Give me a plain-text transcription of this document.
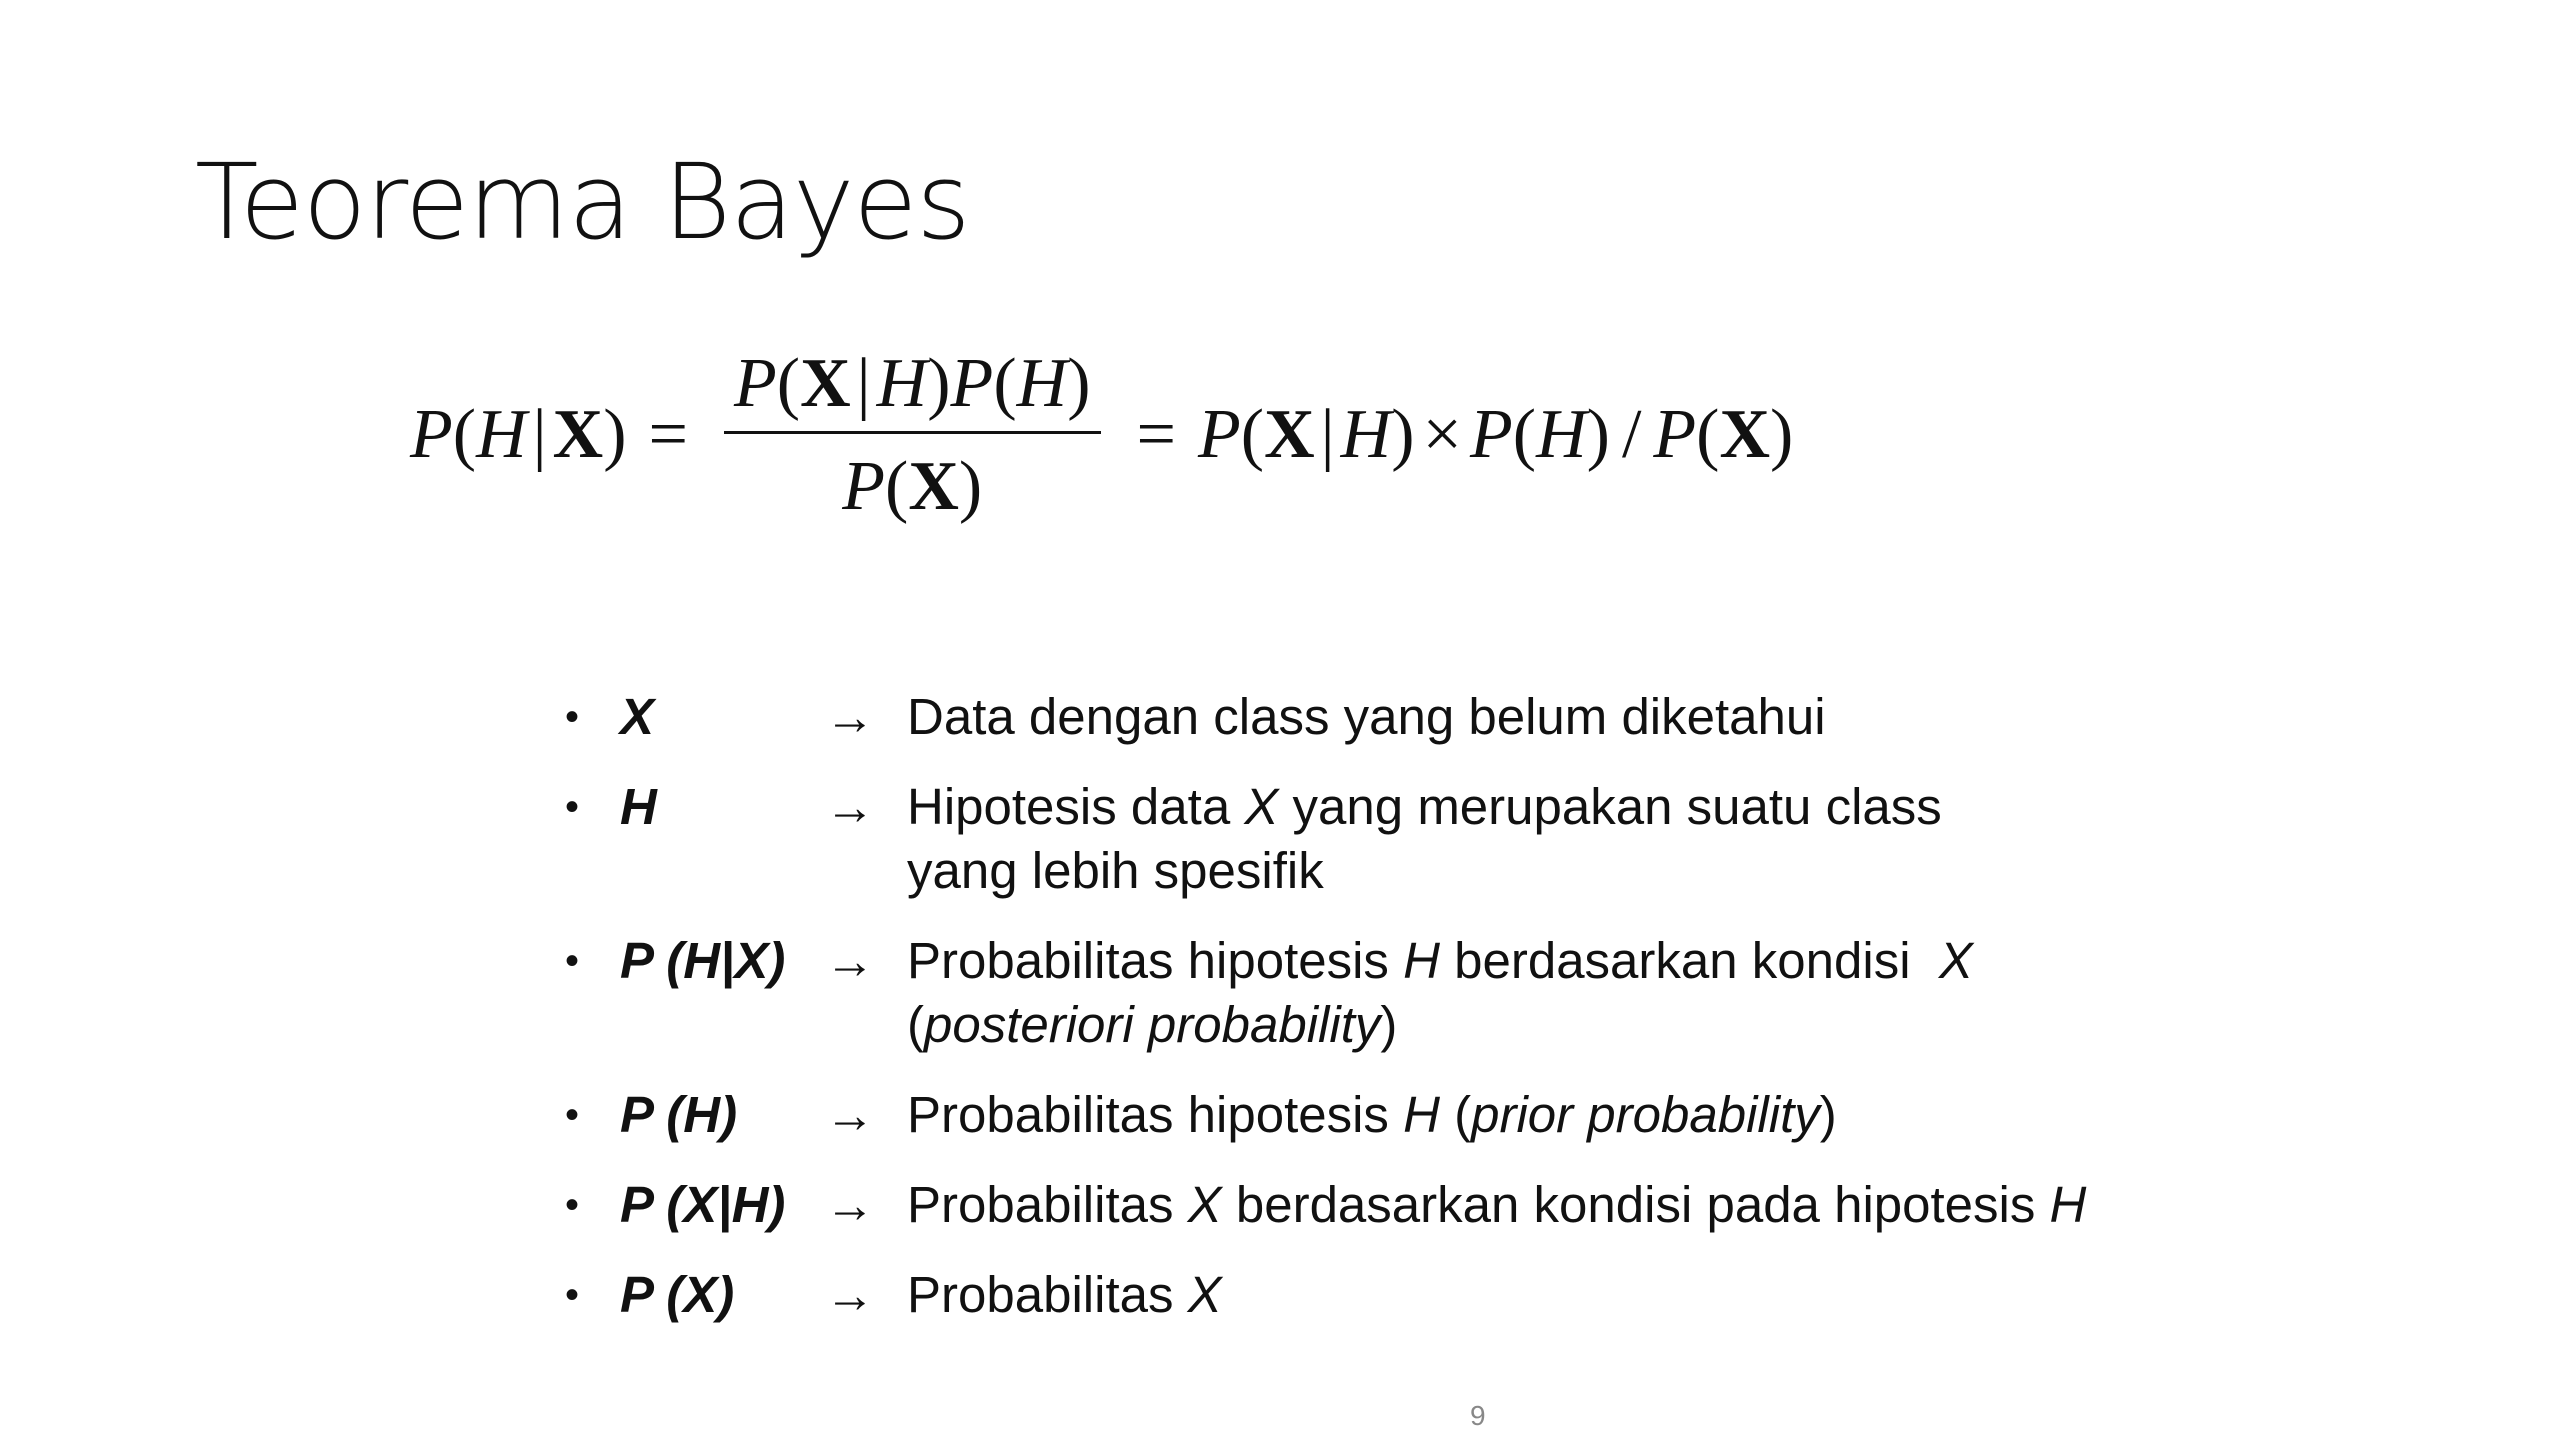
Teorema Bayes
$P(H|X) = \frac{P(X|H)P(H)}{P(X)} = P(X|H) \times P(H) / P(X)$
• X	→ Data dengan class yang belum diketahui
• H	→ Hipotesis data X yang merupakan suatu class
yang lebih spesifik
• P (H|X) → Probabilitas hipotesis H berdasarkan kondisi  X
(posteriori probability)
• P (H)	→ Probabilitas hipotesis H (prior probability)
• P (X|H) → Probabilitas X berdasarkan kondisi pada hipotesis H
• P (X)	→ Probabilitas X
9
